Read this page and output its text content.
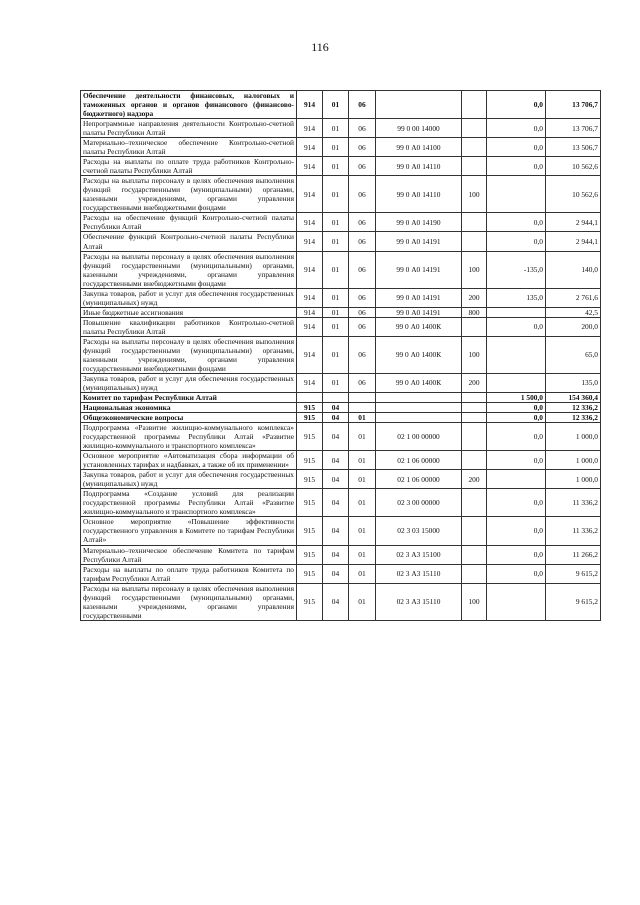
116
Обеспечение деятельности финансовых, налоговых и таможенных органов и органов финансового (финансово-бюджетного) надзора	914	01	06			0,0	13 706,7
Непрограммные направления деятельности Контрольно-счетной палаты Республики Алтай	914	01	06	99 0 00 14000		0,0	13 706,7
Материально–техническое обеспечение Контрольно-счетной палаты Республики Алтай	914	01	06	99 0 А0 14100		0,0	13 506,7
Расходы на выплаты по оплате труда работников Контрольно-счетной палаты Республики Алтай	914	01	06	99 0 А0 14110		0,0	10 562,6
Расходы на выплаты персоналу в целях обеспечения выполнения функций государственными (муниципальными) органами, казенными учреждениями, органами управления государственными внебюджетными фондами	914	01	06	99 0 А0 14110	100		10 562,6
Расходы на обеспечение функций Контрольно-счетной палаты Республики Алтай	914	01	06	99 0 А0 14190		0,0	2 944,1
Обеспечение функций Контрольно-счетной палаты Республики Алтай	914	01	06	99 0 А0 14191		0,0	2 944,1
Расходы на выплаты персоналу в целях обеспечения выполнения функций государственными (муниципальными) органами, казенными учреждениями, органами управления государственными внебюджетными фондами	914	01	06	99 0 А0 14191	100	-135,0	140,0
Закупка товаров, работ и услуг для обеспечения государственных (муниципальных) нужд	914	01	06	99 0 А0 14191	200	135,0	2 761,6
Иные бюджетные ассигнования	914	01	06	99 0 А0 14191	800		42,5
Повышение квалификации работников Контрольно-счетной палаты Республики Алтай	914	01	06	99 0 А0 1400К		0,0	200,0
Расходы на выплаты персоналу в целях обеспечения выполнения функций государственными (муниципальными) органами, казенными учреждениями, органами управления государственными внебюджетными фондами	914	01	06	99 0 А0 1400К	100		65,0
Закупка товаров, работ и услуг для обеспечения государственных (муниципальных) нужд	914	01	06	99 0 А0 1400К	200		135,0
Комитет по тарифам Республики Алтай						1 500,0	154 360,4
Национальная экономика	915	04				0,0	12 336,2
Общеэкономические вопросы	915	04	01			0,0	12 336,2
Подпрограмма «Развитие жилищно-коммунального комплекса» государственной программы Республики Алтай «Развитие жилищно-коммунального и транспортного комплекса»	915	04	01	02 1 00 00000		0,0	1 000,0
Основное мероприятие «Автоматизация сбора информации об установленных тарифах и надбавках, а также об их применении»	915	04	01	02 1 06 00000		0,0	1 000,0
Закупка товаров, работ и услуг для обеспечения государственных (муниципальных) нужд	915	04	01	02 1 06 00000	200		1 000,0
Подпрограмма «Создание условий для реализации государственной программы Республики Алтай «Развитие жилищно-коммунального и транспортного комплекса»	915	04	01	02 3 00 00000		0,0	11 336,2
Основное мероприятие «Повышение эффективности государственного управления в Комитете по тарифам Республики Алтай»	915	04	01	02 3 03 15000		0,0	11 336,2
Материально–техническое обеспечение Комитета по тарифам Республики Алтай	915	04	01	02 3 А3 15100		0,0	11 266,2
Расходы на выплаты по оплате труда работников Комитета по тарифам Республики Алтай	915	04	01	02 3 А3 15110		0,0	9 615,2
Расходы на выплаты персоналу в целях обеспечения выполнения функций государственными (муниципальными) органами, казенными учреждениями, органами управления государственными	915	04	01	02 3 А3 15110	100		9 615,2
